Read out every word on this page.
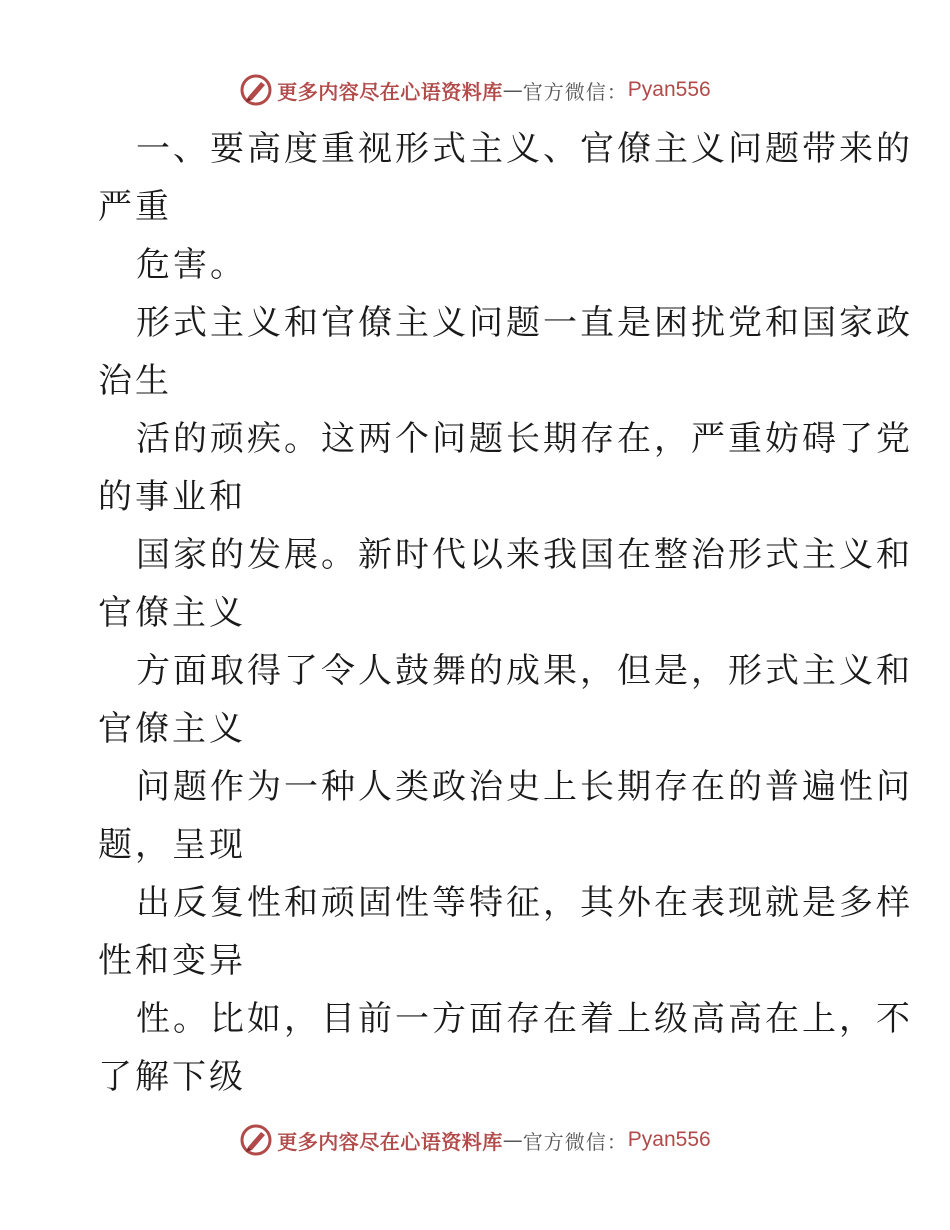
更多内容尽在心语资料库 — 官方微信： Pyan556
一、要高度重视形式主义、官僚主义问题带来的
严重
危害。
形式主义和官僚主义问题一直是困扰党和国家政
治生
活的顽疾。这两个问题长期存在，严重妨碍了党
的事业和
国家的发展。新时代以来我国在整治形式主义和
官僚主义
方面取得了令人鼓舞的成果，但是，形式主义和
官僚主义
问题作为一种人类政治史上长期存在的普遍性问
题，呈现
出反复性和顽固性等特征，其外在表现就是多样
性和变异
性。比如，目前一方面存在着上级高高在上，不
了解下级
更多内容尽在心语资料库 — 官方微信： Pyan556
